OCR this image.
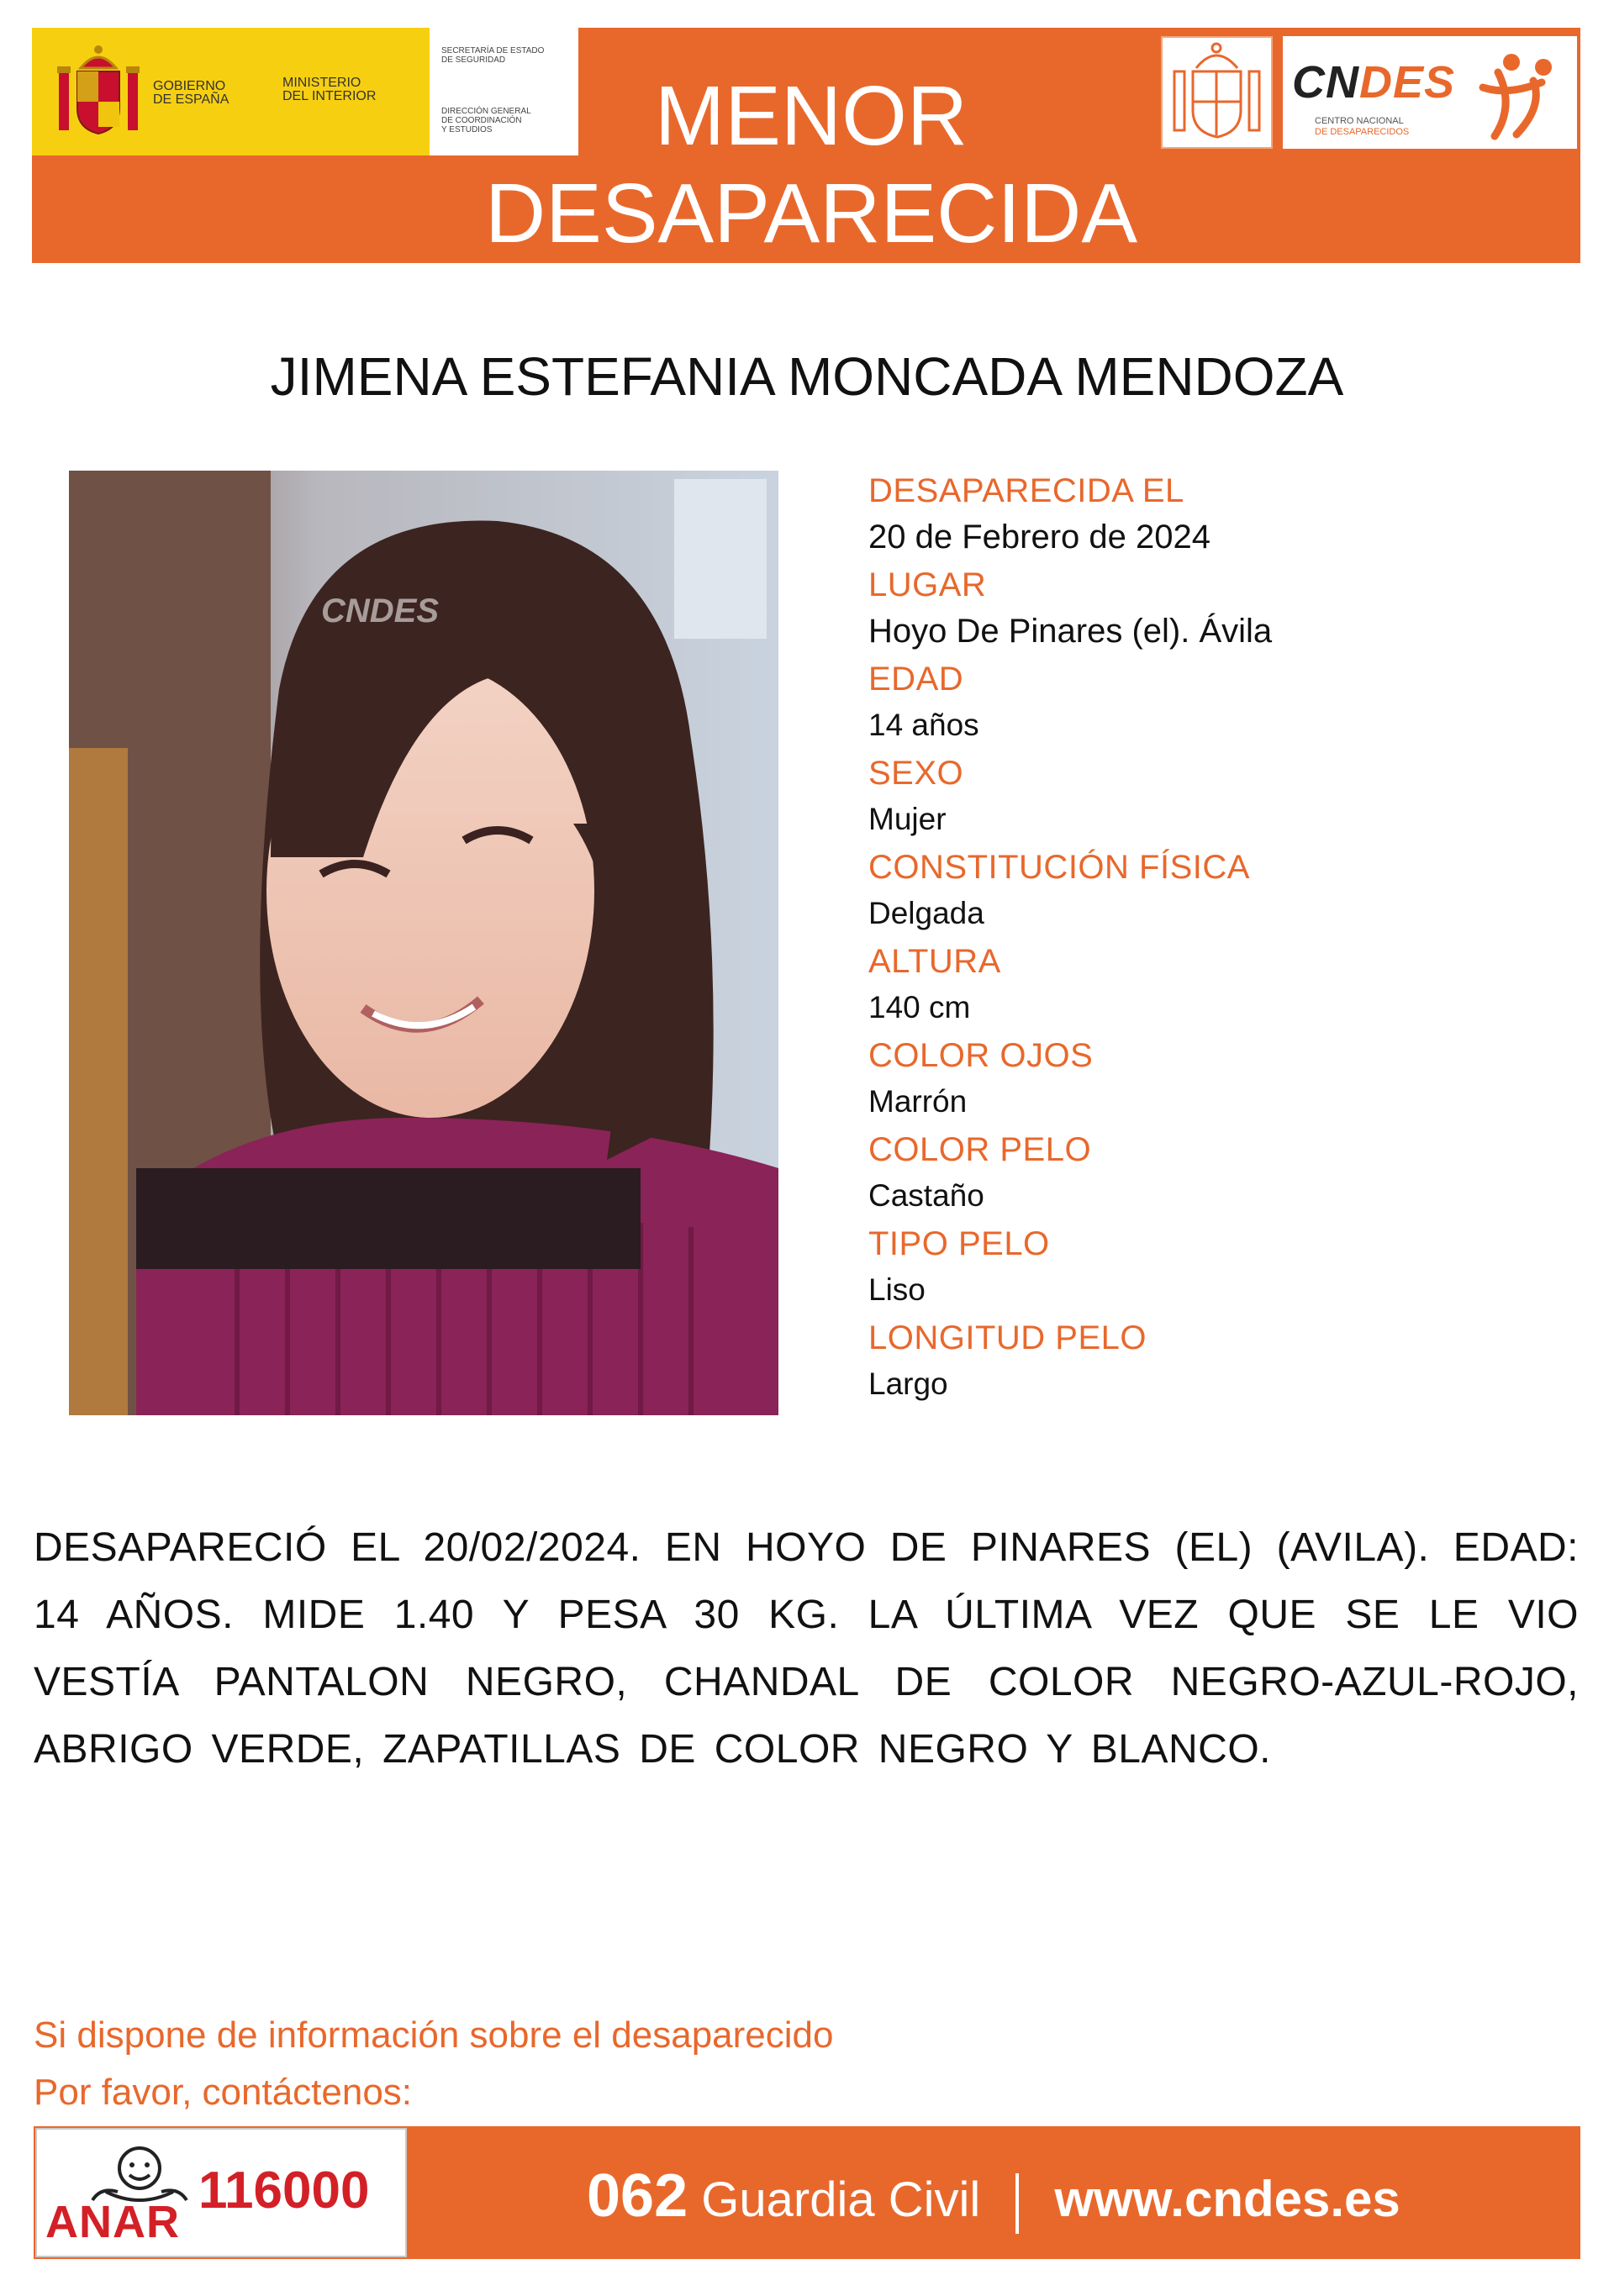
GOBIERNO
DE ESPAÑA
MINISTERIO
DEL INTERIOR
SECRETARÍA DE ESTADO
DE SEGURIDAD
DIRECCIÓN GENERAL
DE COORDINACIÓN
Y ESTUDIOS	MENOR
DESAPARECIDA
CNDES
CENTRO NACIONAL
DE DESAPARECIDOS
JIMENA ESTEFANIA MONCADA MENDOZA
CNDES
DESAPARECIDA EL
20 de Febrero de 2024
LUGAR
Hoyo De Pinares (el). Ávila
EDAD
14 años
SEXO
Mujer
CONSTITUCIÓN FÍSICA
Delgada
ALTURA
140 cm
COLOR OJOS
Marrón
COLOR PELO
Castaño
TIPO PELO
Liso
LONGITUD PELO
Largo
DESAPARECIÓ EL 20/02/2024. EN HOYO DE PINARES (EL) (AVILA). EDAD: 14 AÑOS. MIDE 1.40 Y PESA 30 KG. LA ÚLTIMA VEZ QUE SE LE VIO VESTÍA PANTALON NEGRO, CHANDAL DE COLOR NEGRO-AZUL-ROJO, ABRIGO VERDE, ZAPATILLAS DE COLOR NEGRO Y BLANCO.
Si dispone de información sobre el desaparecido
Por favor, contáctenos:
ANAR
116000	062 Guardia Civil www.cndes.es
